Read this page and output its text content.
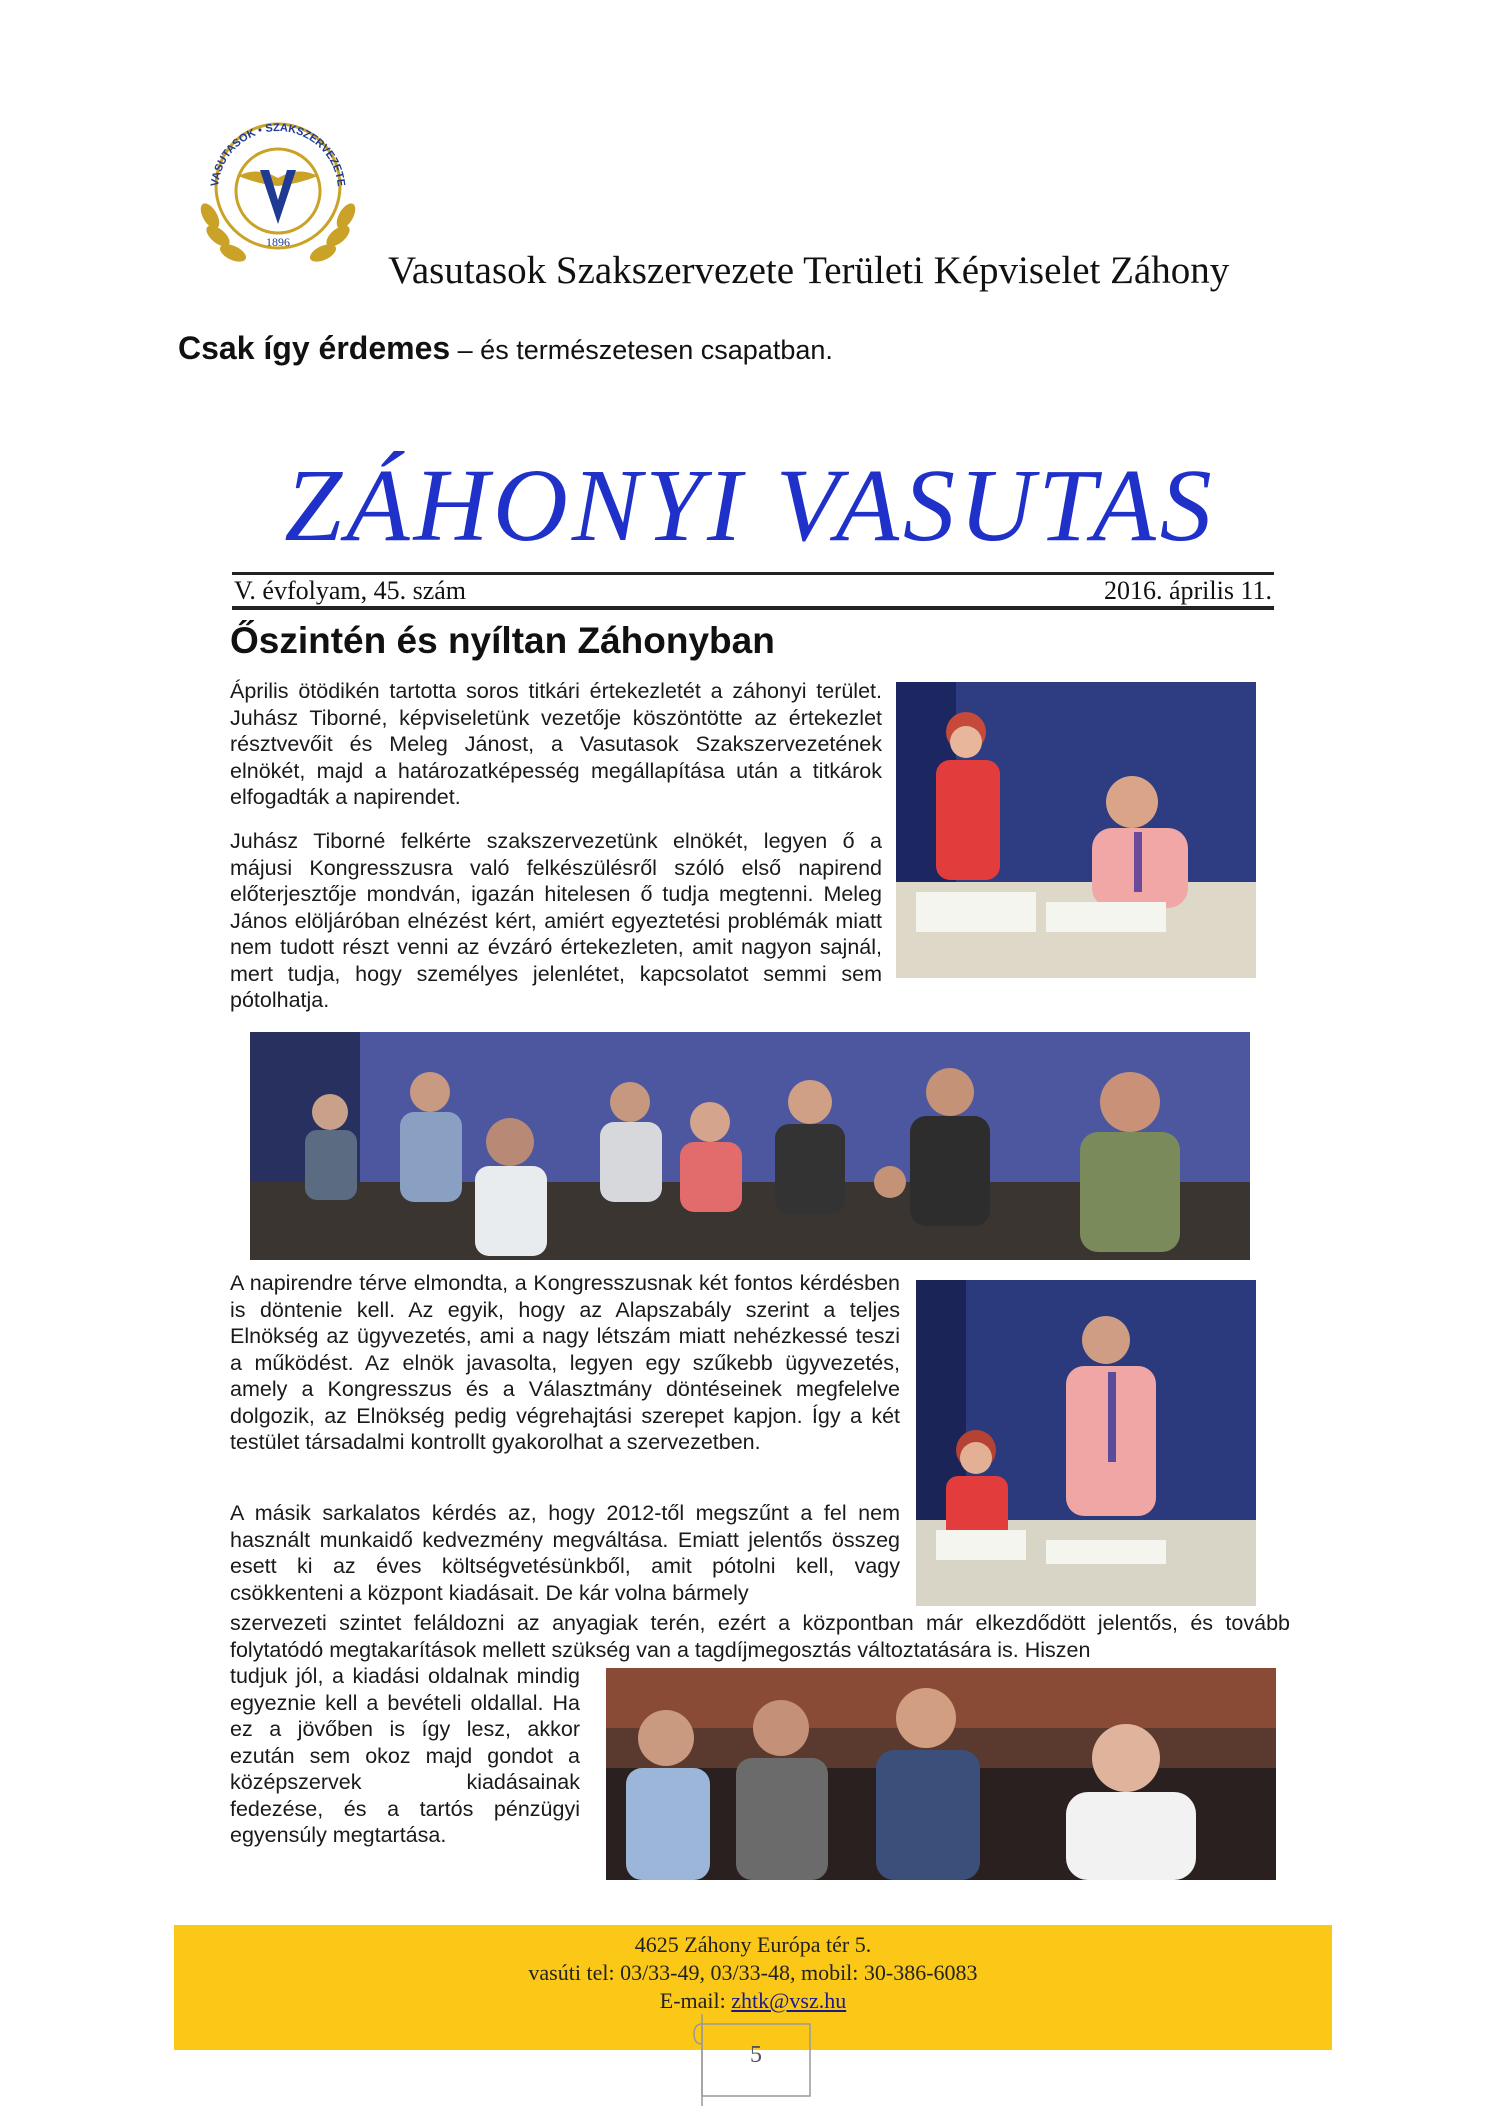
VASUTASOK • SZAKSZERVEZETE
1896
Vasutasok Szakszervezete Területi Képviselet Záhony
Csak így érdemes – és természetesen csapatban.
ZÁHONYI VASUTAS
V. évfolyam, 45. szám	2016. április 11.
Őszintén és nyíltan Záhonyban
Április ötödikén tartotta soros titkári értekezletét a záhonyi terület. Juhász Tiborné, képviseletünk vezetője köszöntötte az értekezlet résztvevőit és Meleg Jánost, a Vasutasok Szakszervezetének elnökét, majd a határozatképesség megállapítása után a titkárok elfogadták a napirendet.
Juhász Tiborné felkérte szakszervezetünk elnökét, legyen ő a májusi Kongresszusra való felkészülésről szóló első napirend előterjesztője mondván, igazán hitelesen ő tudja megtenni. Meleg János elöljáróban elnézést kért, amiért egyeztetési problémák miatt nem tudott részt venni az évzáró értekezleten, amit nagyon sajnál, mert tudja, hogy személyes jelenlétet, kapcsolatot semmi sem pótolhatja.
A napirendre térve elmondta, a Kongresszusnak két fontos kérdésben is döntenie kell. Az egyik, hogy az Alapszabály szerint a teljes Elnökség az ügyvezetés, ami a nagy létszám miatt nehézkessé teszi a működést. Az elnök javasolta, legyen egy szűkebb ügyvezetés, amely a Kongresszus és a Választmány döntéseinek megfelelve dolgozik, az Elnökség pedig végrehajtási szerepet kapjon. Így a két testület társadalmi kontrollt gyakorolhat a szervezetben.
A másik sarkalatos kérdés az, hogy 2012-től megszűnt a fel nem használt munkaidő kedvezmény megváltása. Emiatt jelentős összeg esett ki az éves költségvetésünkből, amit pótolni kell, vagy csökkenteni a központ kiadásait. De kár volna bármely
szervezeti szintet feláldozni az anyagiak terén, ezért a központban már elkezdődött jelentős, és tovább folytatódó megtakarítások mellett szükség van a tagdíjmegosztás változtatására is. Hiszen
tudjuk jól, a kiadási oldalnak mindig egyeznie kell a bevételi oldallal. Ha ez a jövőben is így lesz, akkor ezután sem okoz majd gondot a középszervek kiadásainak fedezése, és a tartós pénzügyi egyensúly megtartása.
4625 Záhony Európa tér 5.
vasúti tel: 03/33-49, 03/33-48, mobil: 30-386-6083
E-mail: zhtk@vsz.hu
5
